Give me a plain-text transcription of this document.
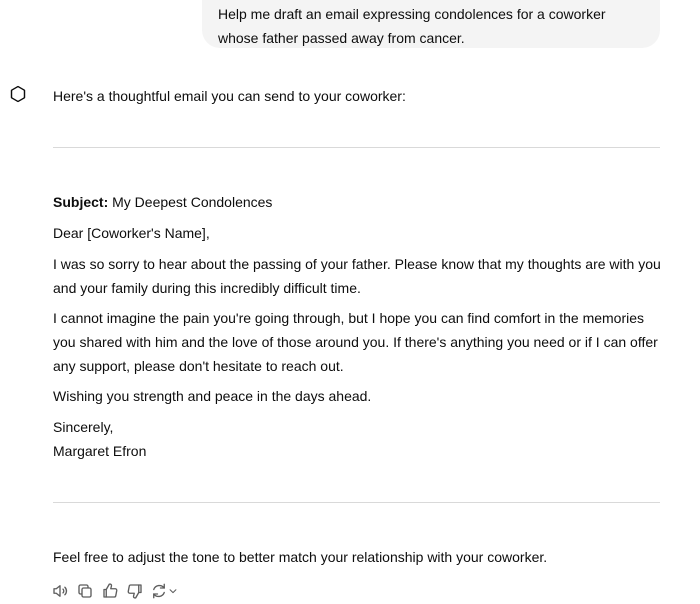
Help me draft an email expressing condolences for a coworker whose father passed away from cancer.

Here's a thoughtful email you can send to your coworker:

Subject: My Deepest Condolences

Dear [Coworker's Name],

I was so sorry to hear about the passing of your father. Please know that my thoughts are with you and your family during this incredibly difficult time.

I cannot imagine the pain you're going through, but I hope you can find comfort in the memories you shared with him and the love of those around you. If there's anything you need or if I can offer any support, please don't hesitate to reach out.

Wishing you strength and peace in the days ahead.

Sincerely,

Margaret Efron

Feel free to adjust the tone to better match your relationship with your coworker.
